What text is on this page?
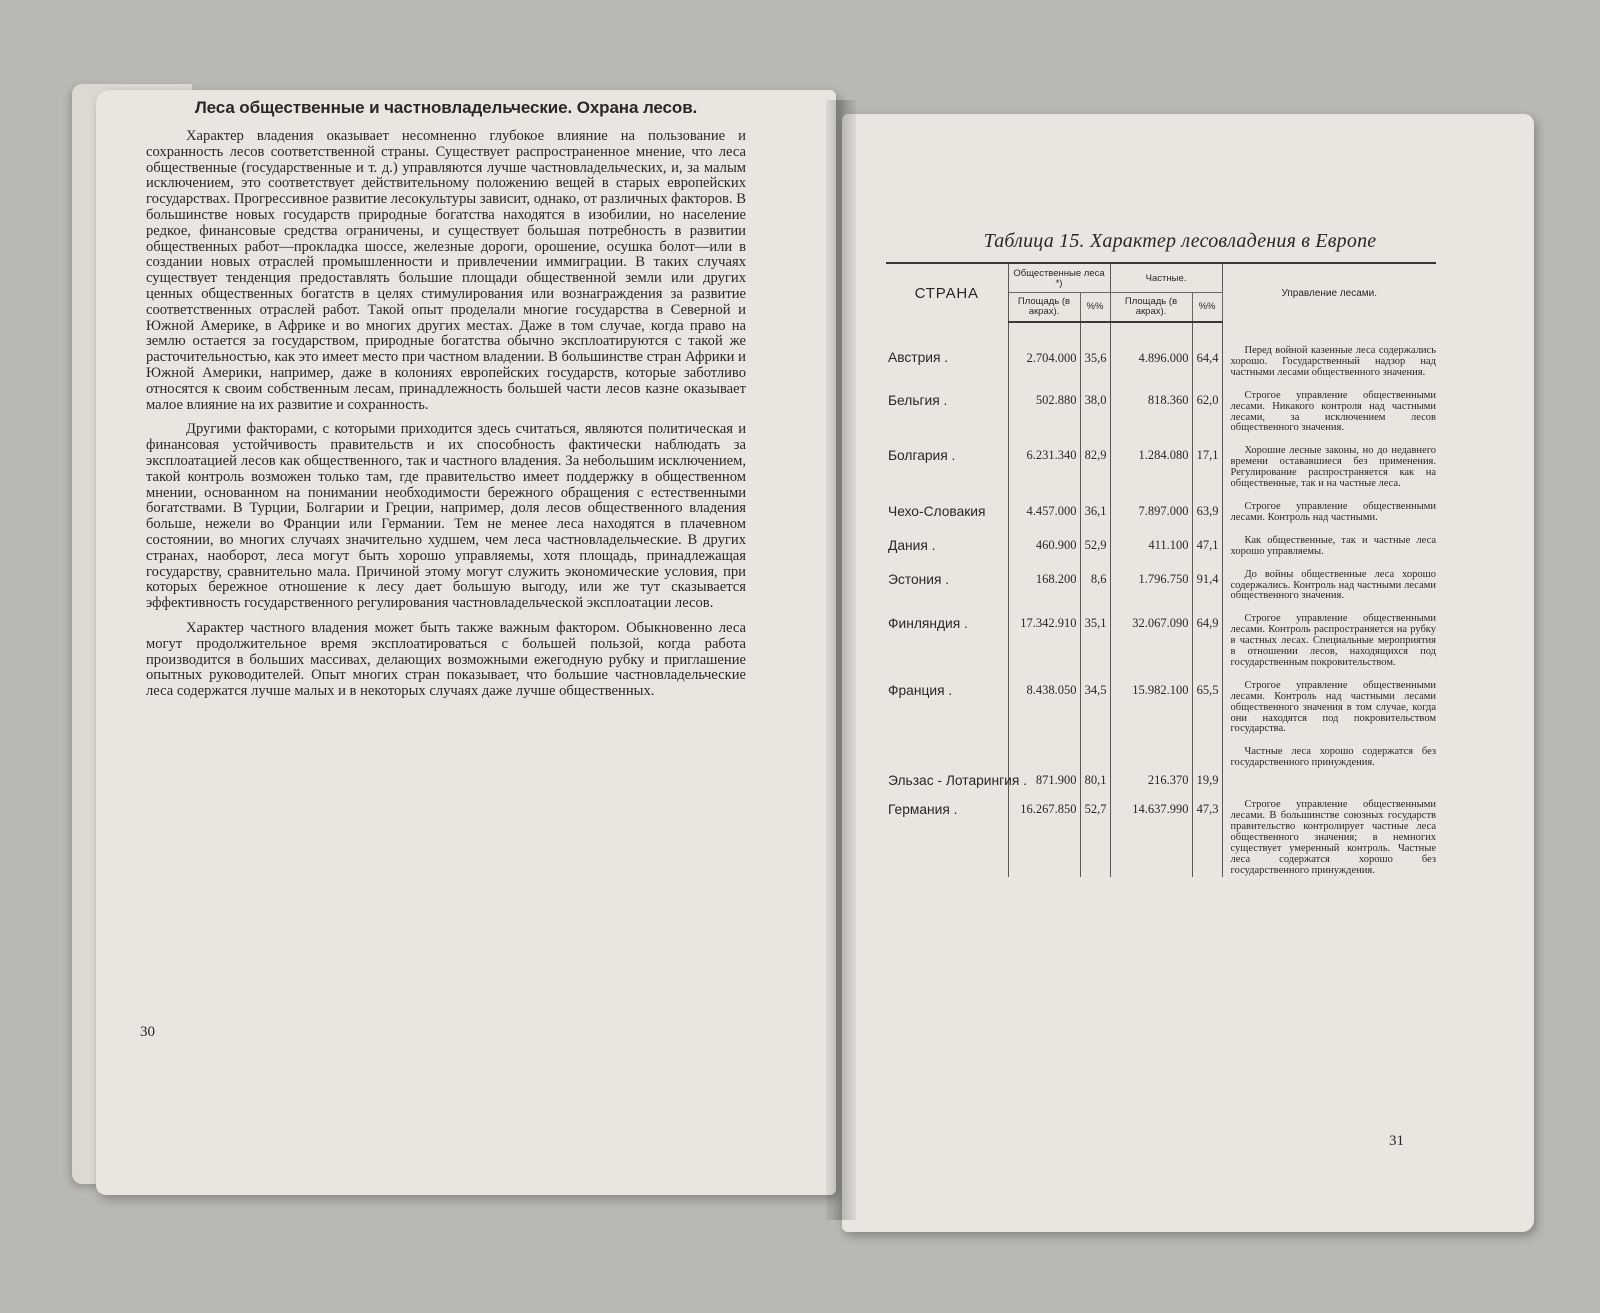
Леса общественные и частновладельческие. Охрана лесов.

Характер владения оказывает несомненно глубокое влияние на пользование и сохранность лесов соответственной страны. Существует распространенное мнение, что леса общественные (государственные и т. д.) управляются лучше частновладельческих, и, за малым исключением, это соответствует действительному положению вещей в старых европейских государствах. Прогрессивное развитие лесокультуры зависит, однако, от различных факторов. В большинстве новых государств природные богатства находятся в изобилии, но население редкое, финансовые средства ограничены, и существует большая потребность в развитии общественных работ—прокладка шоссе, железные дороги, орошение, осушка болот—или в создании новых отраслей промышленности и привлечении иммиграции. В таких случаях существует тенденция предоставлять большие площади общественной земли или других ценных общественных богатств в целях стимулирования или вознаграждения за развитие соответственных отраслей работ. Такой опыт проделали многие государства в Северной и Южной Америке, в Африке и во многих других местах. Даже в том случае, когда право на землю остается за государством, природные богатства обычно эксплоатируются с такой же расточительностью, как это имеет место при частном владении. В большинстве стран Африки и Южной Америки, например, даже в колониях европейских государств, которые заботливо относятся к своим собственным лесам, принадлежность большей части лесов казне оказывает малое влияние на их развитие и сохранность.

Другими факторами, с которыми приходится здесь считаться, являются политическая и финансовая устойчивость правительств и их способность фактически наблюдать за эксплоатацией лесов как общественного, так и частного владения. За небольшим исключением, такой контроль возможен только там, где правительство имеет поддержку в общественном мнении, основанном на понимании необходимости бережного обращения с естественными богатствами. В Турции, Болгарии и Греции, например, доля лесов общественного владения больше, нежели во Франции или Германии. Тем не менее леса находятся в плачевном состоянии, во многих случаях значительно худшем, чем леса частновладельческие. В других странах, наоборот, леса могут быть хорошо управляемы, хотя площадь, принадлежащая государству, сравнительно мала. Причиной этому могут служить экономические условия, при которых бережное отношение к лесу дает большую выгоду, или же тут сказывается эффективность государственного регулирования частновладельческой эксплоатации лесов.

Характер частного владения может быть также важным фактором. Обыкновенно леса могут продолжительное время эксплоатироваться с большей пользой, когда работа производится в больших массивах, делающих возможными ежегодную рубку и приглашение опытных руководителей. Опыт многих стран показывает, что большие частновладельческие леса содержатся лучше малых и в некоторых случаях даже лучше общественных.

30
Таблица 15. Характер лесовладения в Европе
СТРАНА	Общественные леса *)		Частные.		Управление лесами.
	Площадь (в акрах).	%%	Площадь (в акрах).	%%	
Австрия .	2.704.000	35,6	4.896.000	64,4	Перед войной казенные леса содержались хорошо. Государственный надзор над частными лесами общественного значения.
Бельгия .	502.880	38,0	818.360	62,0	Строгое управление общественными лесами. Никакого контроля над частными лесами, за исключением лесов общественного значения.
Болгария .	6.231.340	82,9	1.284.080	17,1	Хорошие лесные законы, но до недавнего времени остававшиеся без применения. Регулирование распространяется как на общественные, так и на частные леса.
Чехо-Словакия	4.457.000	36,1	7.897.000	63,9	Строгое управление общественными лесами. Контроль над частными.
Дания .	460.900	52,9	411.100	47,1	Как общественные, так и частные леса хорошо управляемы.
Эстония .	168.200	8,6	1.796.750	91,4	До войны общественные леса хорошо содержались. Контроль над частными лесами общественного значения.
Финляндия .	17.342.910	35,1	32.067.090	64,9	Строгое управление общественными лесами. Контроль распространяется на рубку в частных лесах. Специальные мероприятия в отношении лесов, находящихся под государственным покровительством.
Франция .	8.438.050	34,5	15.982.100	65,5	Строгое управление общественными лесами. Контроль над частными лесами общественного значения в том случае, когда они находятся под покровительством государства.
Эльзас - Лотарингия .	871.900	80,1	216.370	19,9	Частные леса хорошо содержатся без государственного принуждения.
Германия .	16.267.850	52,7	14.637.990	47,3	Строгое управление общественными лесами. В большинстве союзных государств правительство контролирует частные леса общественного значения; в немногих существует умеренный контроль. Частные леса содержатся хорошо без государственного принуждения.
31
